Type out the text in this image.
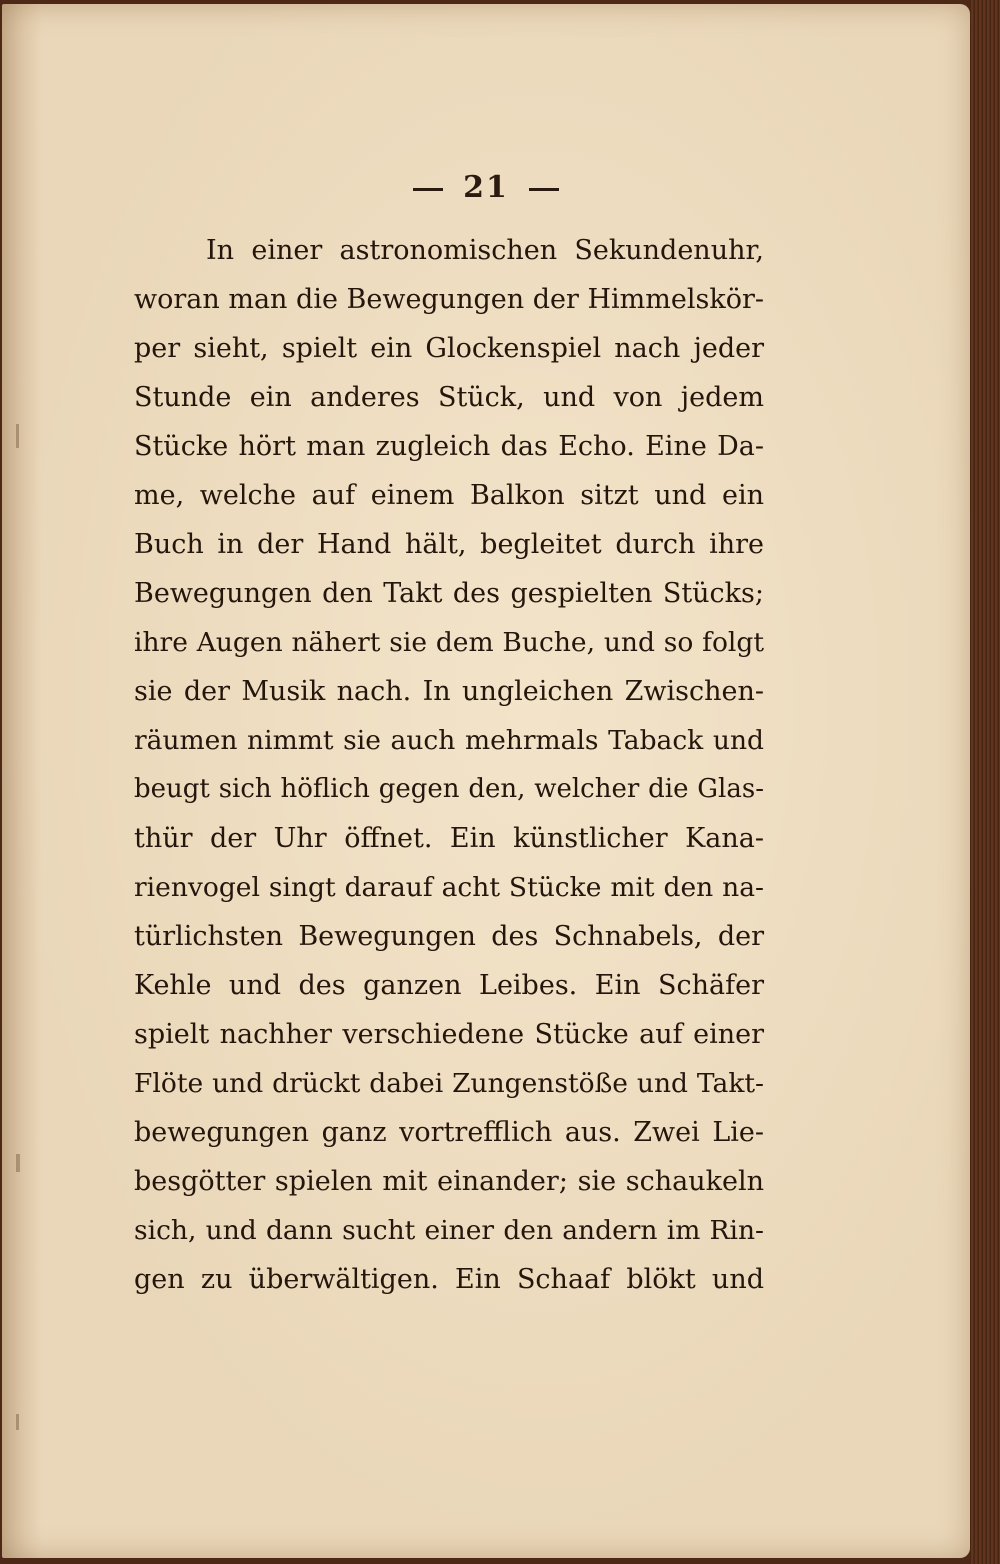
21
In einer astronomischen Sekundenuhr,
woran man die Bewegungen der Himmelskör-
per sieht, spielt ein Glockenspiel nach jeder
Stunde ein anderes Stück, und von jedem
Stücke hört man zugleich das Echo. Eine Da-
me, welche auf einem Balkon sitzt und ein
Buch in der Hand hält, begleitet durch ihre
Bewegungen den Takt des gespielten Stücks;
ihre Augen nähert sie dem Buche, und so folgt
sie der Musik nach. In ungleichen Zwischen-
räumen nimmt sie auch mehrmals Taback und
beugt sich höflich gegen den, welcher die Glas-
thür der Uhr öffnet. Ein künstlicher Kana-
rienvogel singt darauf acht Stücke mit den na-
türlichsten Bewegungen des Schnabels, der
Kehle und des ganzen Leibes. Ein Schäfer
spielt nachher verschiedene Stücke auf einer
Flöte und drückt dabei Zungenstöße und Takt-
bewegungen ganz vortrefflich aus. Zwei Lie-
besgötter spielen mit einander; sie schaukeln
sich, und dann sucht einer den andern im Rin-
gen zu überwältigen. Ein Schaaf blökt und
